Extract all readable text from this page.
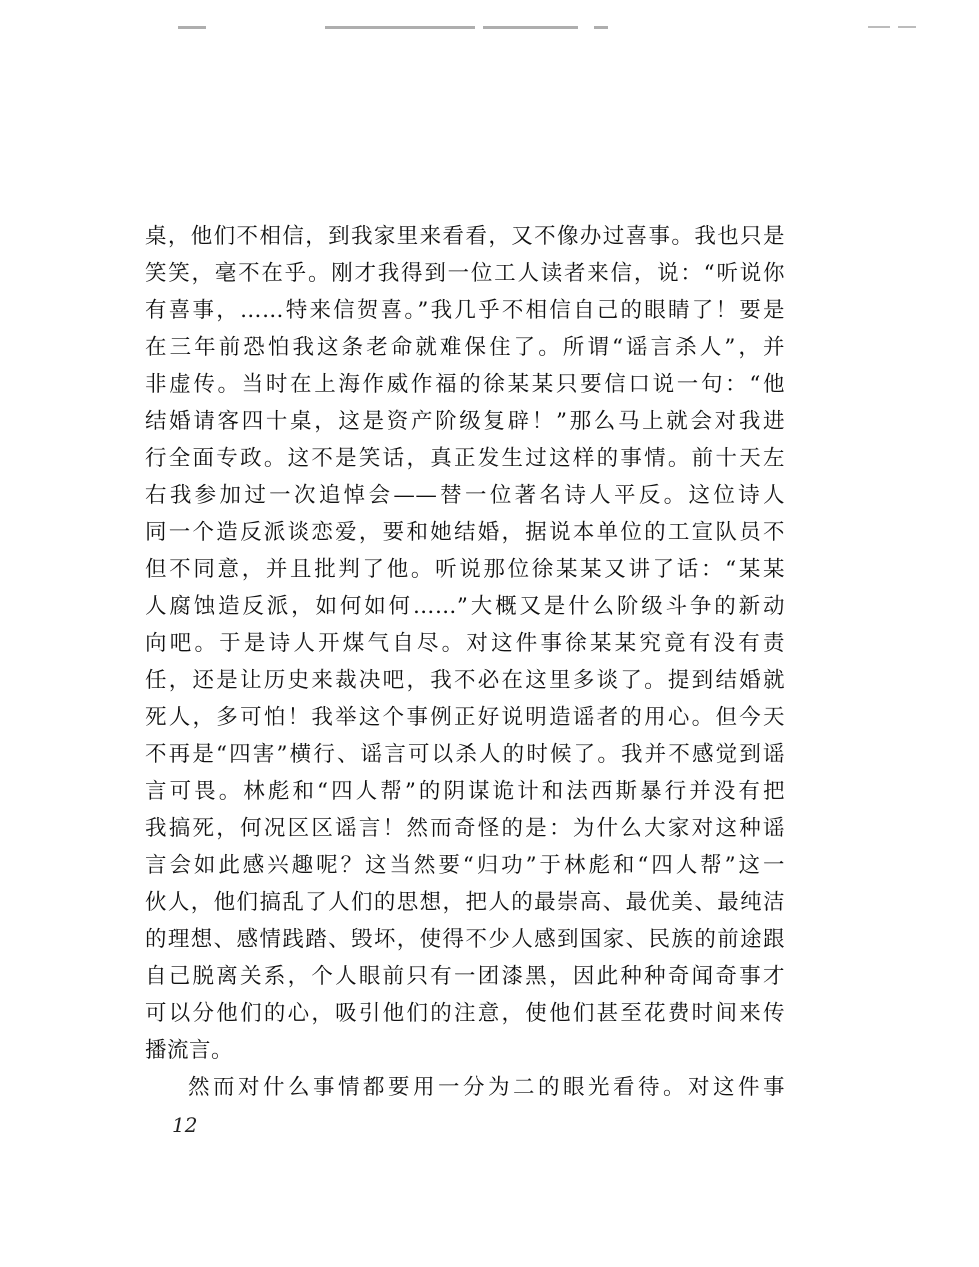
桌，他们不相信，到我家里来看看，又不像办过喜事。我也只是
笑笑，毫不在乎。刚才我得到一位工人读者来信，说：“听说你
有喜事，……特来信贺喜。”我几乎不相信自己的眼睛了！要是
在三年前恐怕我这条老命就难保住了。所谓“谣言杀人”，并
非虚传。当时在上海作威作福的徐某某只要信口说一句：“他
结婚请客四十桌，这是资产阶级复辟！”那么马上就会对我进
行全面专政。这不是笑话，真正发生过这样的事情。前十天左
右我参加过一次追悼会——替一位著名诗人平反。这位诗人
同一个造反派谈恋爱，要和她结婚，据说本单位的工宣队员不
但不同意，并且批判了他。听说那位徐某某又讲了话：“某某
人腐蚀造反派，如何如何……”大概又是什么阶级斗争的新动
向吧。于是诗人开煤气自尽。对这件事徐某某究竟有没有责
任，还是让历史来裁决吧，我不必在这里多谈了。提到结婚就
死人，多可怕！我举这个事例正好说明造谣者的用心。但今天
不再是“四害”横行、谣言可以杀人的时候了。我并不感觉到谣
言可畏。林彪和“四人帮”的阴谋诡计和法西斯暴行并没有把
我搞死，何况区区谣言！然而奇怪的是：为什么大家对这种谣
言会如此感兴趣呢？这当然要“归功”于林彪和“四人帮”这一
伙人，他们搞乱了人们的思想，把人的最崇高、最优美、最纯洁
的理想、感情践踏、毁坏，使得不少人感到国家、民族的前途跟
自己脱离关系，个人眼前只有一团漆黑，因此种种奇闻奇事才
可以分他们的心，吸引他们的注意，使他们甚至花费时间来传
播流言。
然而对什么事情都要用一分为二的眼光看待。对这件事
12
